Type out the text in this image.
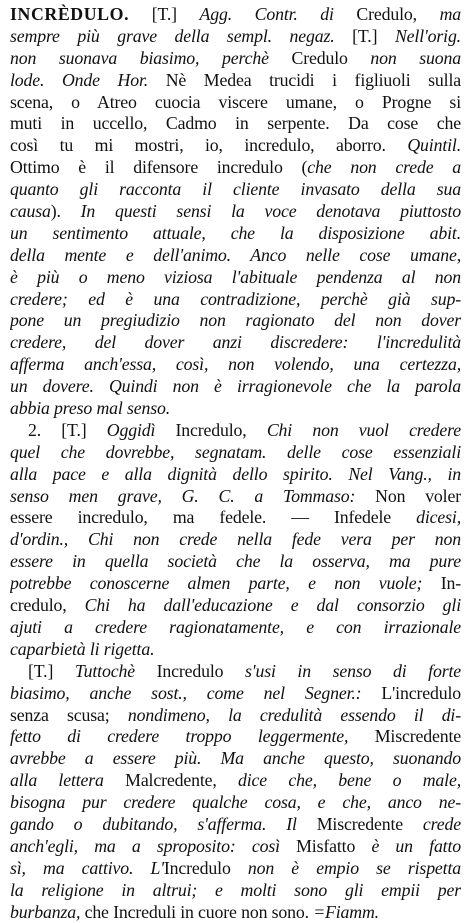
INCRÈDULO. [T.] Agg. Contr. di Credulo, ma
sempre più grave della sempl. negaz. [T.] Nell'orig.
non suonava biasimo, perchè Credulo non suona
lode. Onde Hor. Nè Medea trucidi i figliuoli sulla
scena, o Atreo cuocia viscere umane, o Progne si
muti in uccello, Cadmo in serpente. Da cose che
così tu mi mostri, io, incredulo, aborro. Quintil.
Ottimo è il difensore incredulo (che non crede a
quanto gli racconta il cliente invasato della sua
causa). In questi sensi la voce denotava piuttosto
un sentimento attuale, che la disposizione abit.
della mente e dell'animo. Anco nelle cose umane,
è più o meno viziosa l'abituale pendenza al non
credere; ed è una contradizione, perchè già sup-
pone un pregiudizio non ragionato del non dover
credere, del dover anzi discredere: l'incredulità
afferma anch'essa, così, non volendo, una certezza,
un dovere. Quindi non è irragionevole che la parola
abbia preso mal senso.
2. [T.] Oggidì Incredulo, Chi non vuol credere
quel che dovrebbe, segnatam. delle cose essenziali
alla pace e alla dignità dello spirito. Nel Vang., in
senso men grave, G. C. a Tommaso: Non voler
essere incredulo, ma fedele. — Infedele dicesi,
d'ordin., Chi non crede nella fede vera per non
essere in quella società che la osserva, ma pure
potrebbe conoscerne almen parte, e non vuole; In-
credulo, Chi ha dall'educazione e dal consorzio gli
ajuti a credere ragionatamente, e con irrazionale
caparbietà li rigetta.
[T.] Tuttochè Incredulo s'usi in senso di forte
biasimo, anche sost., come nel Segner.: L'incredulo
senza scusa; nondimeno, la credulità essendo il di-
fetto di credere troppo leggermente, Miscredente
avrebbe a essere più. Ma anche questo, suonando
alla lettera Malcredente, dice che, bene o male,
bisogna pur credere qualche cosa, e che, anco ne-
gando o dubitando, s'afferma. Il Miscredente crede
anch'egli, ma a sproposito: così Misfatto è un fatto
sì, ma cattivo. L'Incredulo non è empio se rispetta
la religione in altrui; e molti sono gli empii per
burbanza, che Increduli in cuore non sono. =Fiamm.
